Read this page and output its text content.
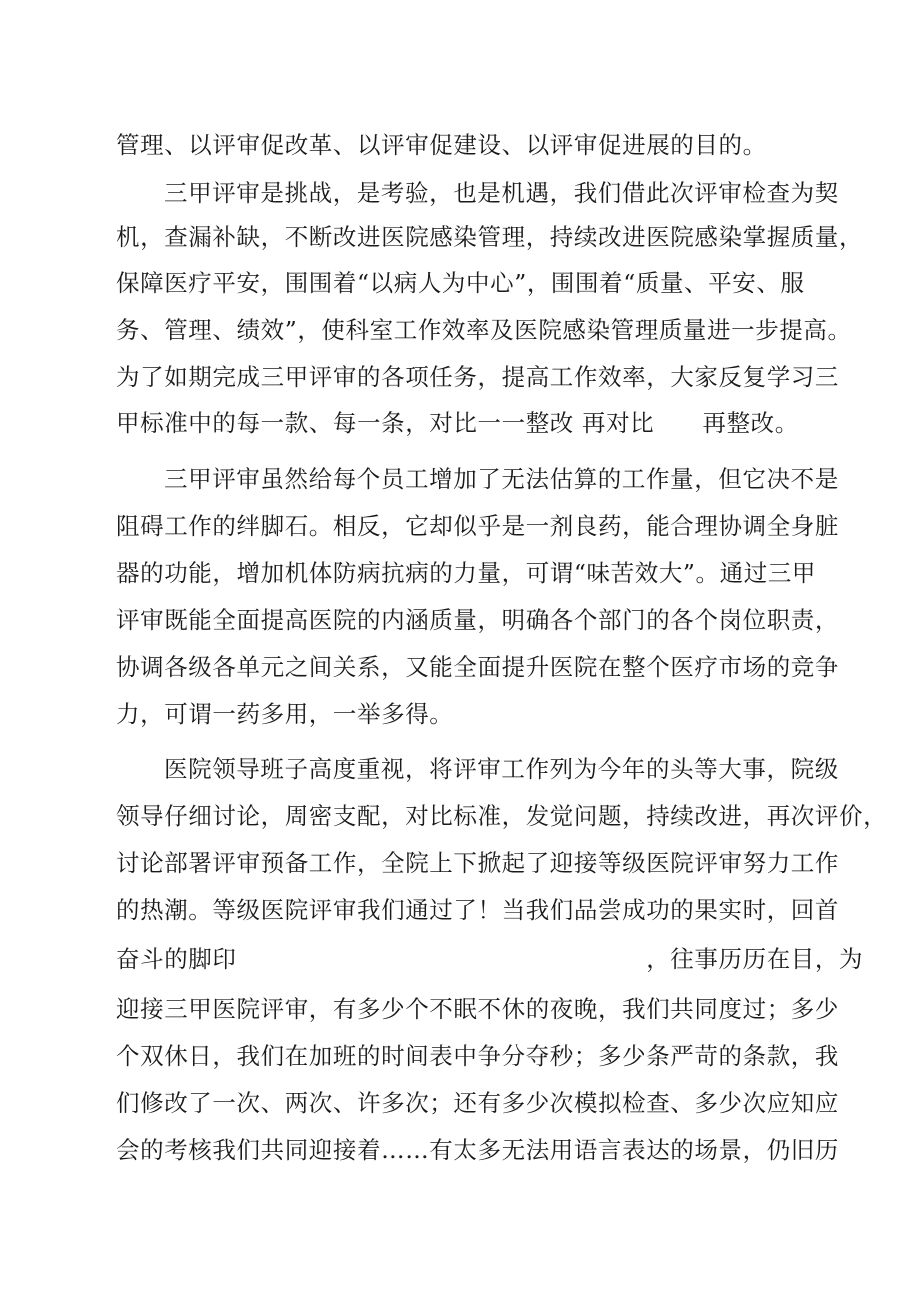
管理、以评审促改革、以评审促建设、以评审促进展的目的。
三甲评审是挑战，是考验，也是机遇，我们借此次评审检查为契
机，查漏补缺，不断改进医院感染管理，持续改进医院感染掌握质量，
保障医疗平安，围围着“以病人为中心”，围围着“质量、平安、服
务、管理、绩效”，使科室工作效率及医院感染管理质量进一步提高。
为了如期完成三甲评审的各项任务，提高工作效率，大家反复学习三
甲标准中的每一款、每一条，对比一一整改 再对比　　再整改。
三甲评审虽然给每个员工增加了无法估算的工作量，但它决不是
阻碍工作的绊脚石。相反，它却似乎是一剂良药，能合理协调全身脏
器的功能，增加机体防病抗病的力量，可谓“味苦效大”。通过三甲
评审既能全面提高医院的内涵质量，明确各个部门的各个岗位职责，
协调各级各单元之间关系，又能全面提升医院在整个医疗市场的竞争
力，可谓一药多用，一举多得。
医院领导班子高度重视，将评审工作列为今年的头等大事，院级
领导仔细讨论，周密支配，对比标准，发觉问题，持续改进，再次评价，
讨论部署评审预备工作，全院上下掀起了迎接等级医院评审努力工作
的热潮。等级医院评审我们通过了！当我们品尝成功的果实时，回首
奋斗的脚印　　　　　　　　　　　　　　　　　，往事历历在目，为
迎接三甲医院评审，有多少个不眠不休的夜晚，我们共同度过；多少
个双休日，我们在加班的时间表中争分夺秒；多少条严苛的条款，我
们修改了一次、两次、许多次；还有多少次模拟检查、多少次应知应
会的考核我们共同迎接着……有太多无法用语言表达的场景，仍旧历
